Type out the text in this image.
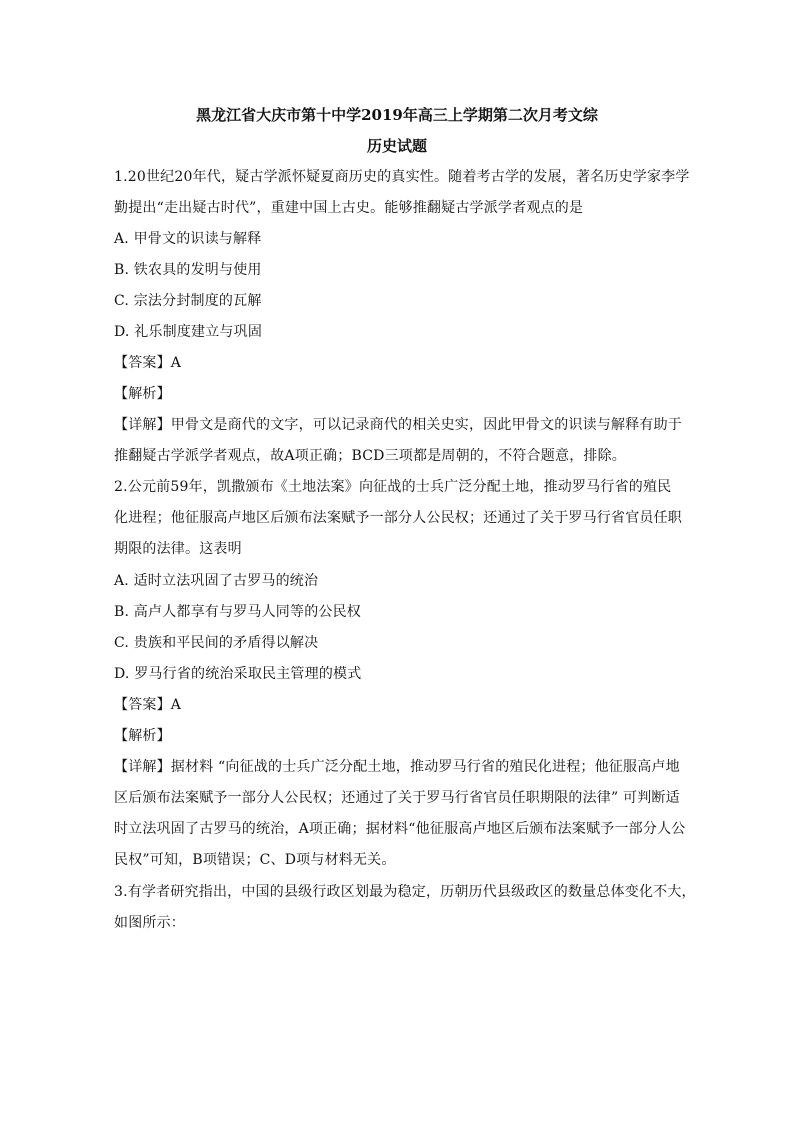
黑龙江省大庆市第十中学2019年高三上学期第二次月考文综
历史试题
1.20世纪20年代，疑古学派怀疑夏商历史的真实性。随着考古学的发展，著名历史学家李学
勤提出“走出疑古时代”，重建中国上古史。能够推翻疑古学派学者观点的是
A. 甲骨文的识读与解释
B. 铁农具的发明与使用
C. 宗法分封制度的瓦解
D. 礼乐制度建立与巩固
【答案】A
【解析】
【详解】甲骨文是商代的文字，可以记录商代的相关史实，因此甲骨文的识读与解释有助于
推翻疑古学派学者观点，故A项正确；BCD三项都是周朝的，不符合题意，排除。
2.公元前59年，凯撒颁布《土地法案》向征战的士兵广泛分配土地，推动罗马行省的殖民
化进程；他征服高卢地区后颁布法案赋予一部分人公民权；还通过了关于罗马行省官员任职
期限的法律。这表明
A. 适时立法巩固了古罗马的统治
B. 高卢人都享有与罗马人同等的公民权
C. 贵族和平民间的矛盾得以解决
D. 罗马行省的统治采取民主管理的模式
【答案】A
【解析】
【详解】据材料 “向征战的士兵广泛分配土地，推动罗马行省的殖民化进程；他征服高卢地
区后颁布法案赋予一部分人公民权；还通过了关于罗马行省官员任职期限的法律” 可判断适
时立法巩固了古罗马的统治，A项正确；据材料“他征服高卢地区后颁布法案赋予一部分人公
民权”可知，B项错误；C、D项与材料无关。
3.有学者研究指出，中国的县级行政区划最为稳定，历朝历代县级政区的数量总体变化不大，
如图所示：
